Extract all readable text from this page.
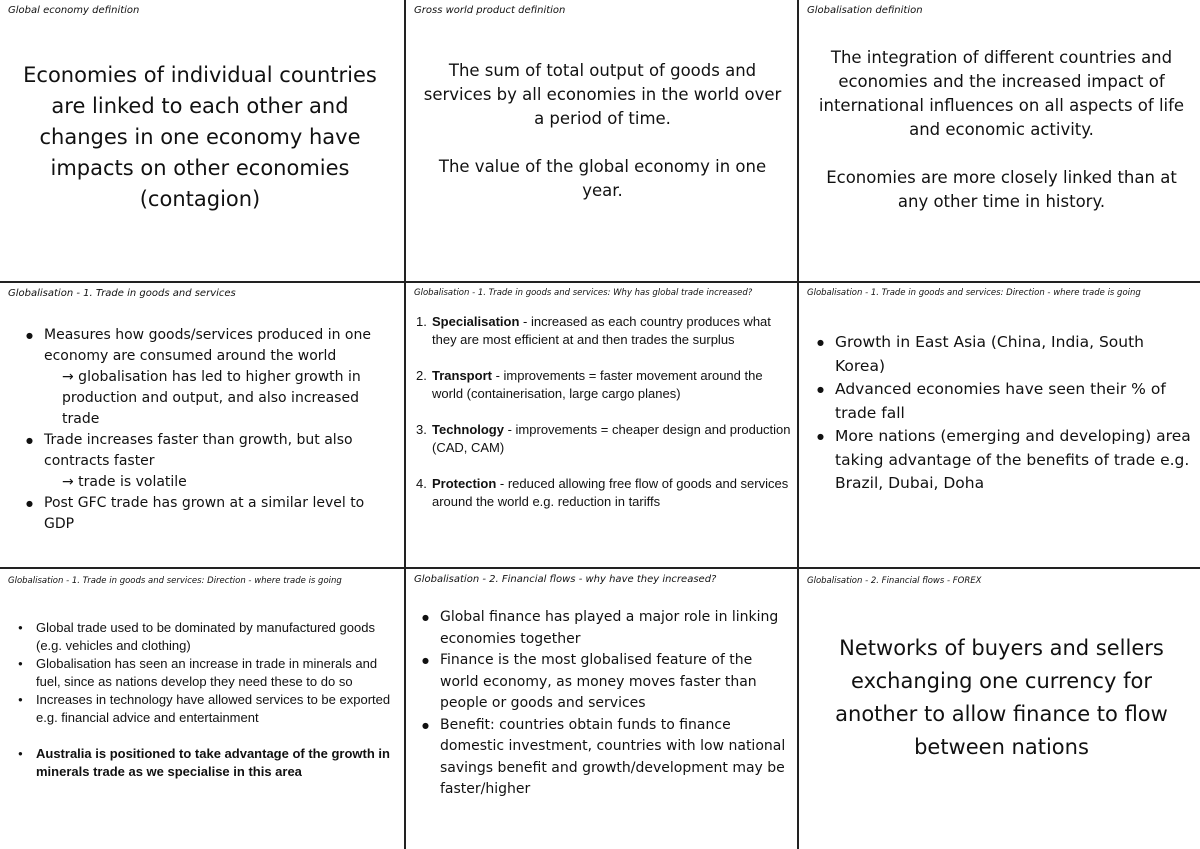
Global economy definition
Economies of individual countries are linked to each other and changes in one economy have impacts on other economies (contagion)
Gross world product definition

The sum of total output of goods and services by all economies in the world over a period of time.

The value of the global economy in one year.

Globalisation definition

The integration of different countries and economies and the increased impact of international influences on all aspects of life and economic activity.

Economies are more closely linked than at any other time in history.

Globalisation - 1. Trade in goods and services
● Measures how goods/services produced in one economy are consumed around the world
→ globalisation has led to higher growth in production and output, and also increased trade
● Trade increases faster than growth, but also contracts faster
→ trade is volatile
● Post GFC trade has grown at a similar level to GDP
Globalisation - 1. Trade in goods and services: Why has global trade increased?
1. Specialisation - increased as each country produces what they are most efficient at and then trades the surplus
2. Transport - improvements = faster movement around the world (containerisation, large cargo planes)
3. Technology - improvements = cheaper design and production (CAD, CAM)
4. Protection - reduced allowing free flow of goods and services around the world e.g. reduction in tariffs
Globalisation - 1. Trade in goods and services: Direction - where trade is going
● Growth in East Asia (China, India, South Korea)
● Advanced economies have seen their % of trade fall
● More nations (emerging and developing) area taking advantage of the benefits of trade e.g. Brazil, Dubai, Doha
Globalisation - 1. Trade in goods and services: Direction - where trade is going
● Global trade used to be dominated by manufactured goods (e.g. vehicles and clothing)
● Globalisation has seen an increase in trade in minerals and fuel, since as nations develop they need these to do so
● Increases in technology have allowed services to be exported e.g. financial advice and entertainment
● Australia is positioned to take advantage of the growth in minerals trade as we specialise in this area
Globalisation - 2. Financial flows - why have they increased?
● Global finance has played a major role in linking economies together
● Finance is the most globalised feature of the world economy, as money moves faster than people or goods and services
● Benefit: countries obtain funds to finance domestic investment, countries with low national savings benefit and growth/development may be faster/higher
Globalisation - 2. Financial flows - FOREX
Networks of buyers and sellers exchanging one currency for another to allow finance to flow between nations
